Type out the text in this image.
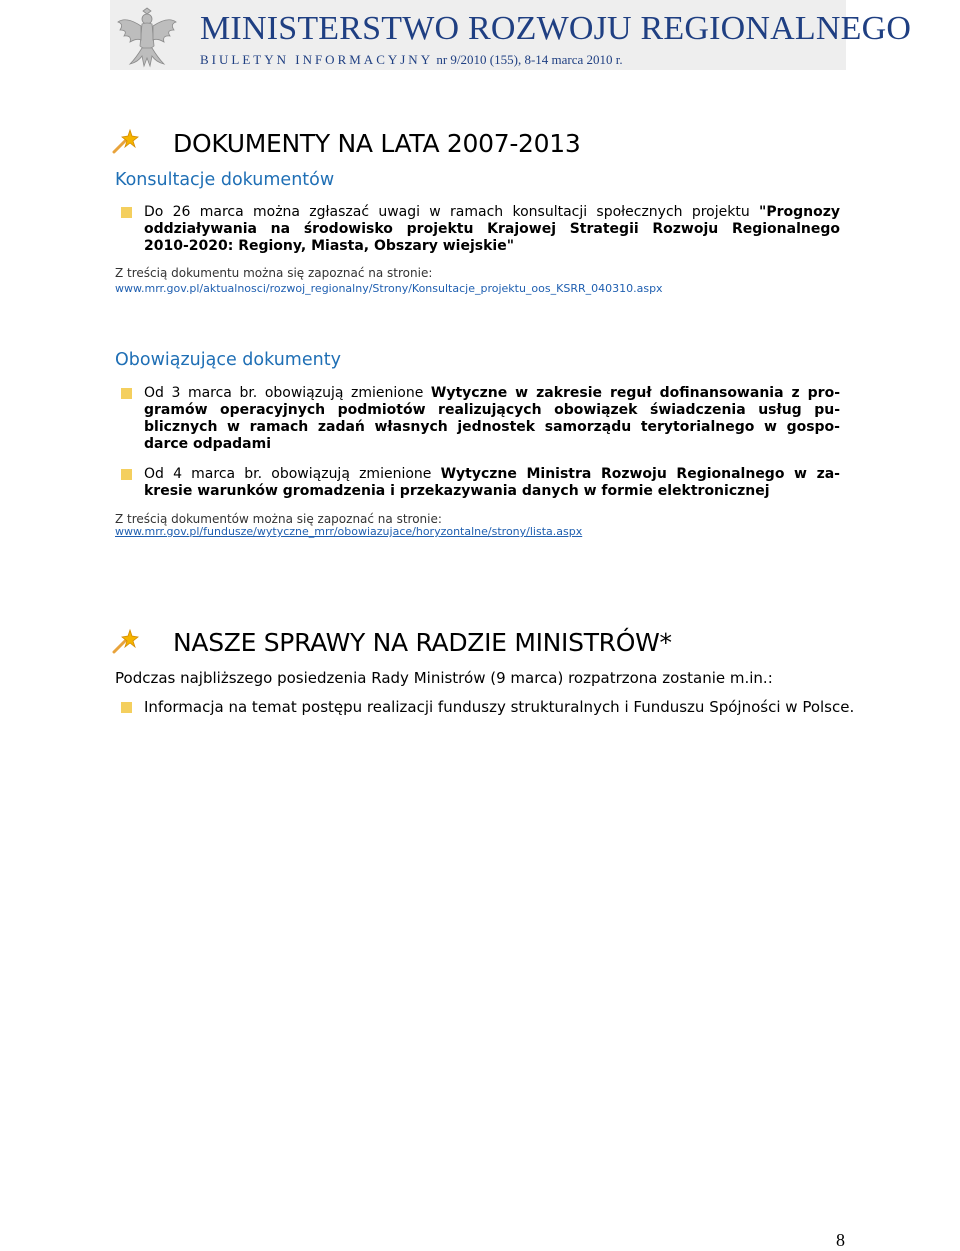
MINISTERSTWO ROZWOJU REGIONALNEGO
BIULETYN INFORMACYJNY nr 9/2010 (155), 8-14 marca 2010 r.
DOKUMENTY NA LATA 2007-2013
Konsultacje dokumentów
Do 26 marca można zgłaszać uwagi w ramach konsultacji społecznych projektu "Prognozy
oddziaływania na środowisko projektu Krajowej Strategii Rozwoju Regionalnego
2010-2020: Regiony, Miasta, Obszary wiejskie"
Z treścią dokumentu można się zapoznać na stronie:
www.mrr.gov.pl/aktualnosci/rozwoj_regionalny/Strony/Konsultacje_projektu_oos_KSRR_040310.aspx
Obowiązujące dokumenty
Od 3 marca br. obowiązują zmienione Wytyczne w zakresie reguł dofinansowania z pro-
gramów operacyjnych podmiotów realizujących obowiązek świadczenia usług pu-
blicznych w ramach zadań własnych jednostek samorządu terytorialnego w gospo-
darce odpadami
Od 4 marca br. obowiązują zmienione Wytyczne Ministra Rozwoju Regionalnego w za-
kresie warunków gromadzenia i przekazywania danych w formie elektronicznej
Z treścią dokumentów można się zapoznać na stronie:
www.mrr.gov.pl/fundusze/wytyczne_mrr/obowiazujace/horyzontalne/strony/lista.aspx
NASZE SPRAWY NA RADZIE MINISTRÓW*
Podczas najbliższego posiedzenia Rady Ministrów (9 marca) rozpatrzona zostanie m.in.:
Informacja na temat postępu realizacji funduszy strukturalnych i Funduszu Spójności w Polsce.
8
